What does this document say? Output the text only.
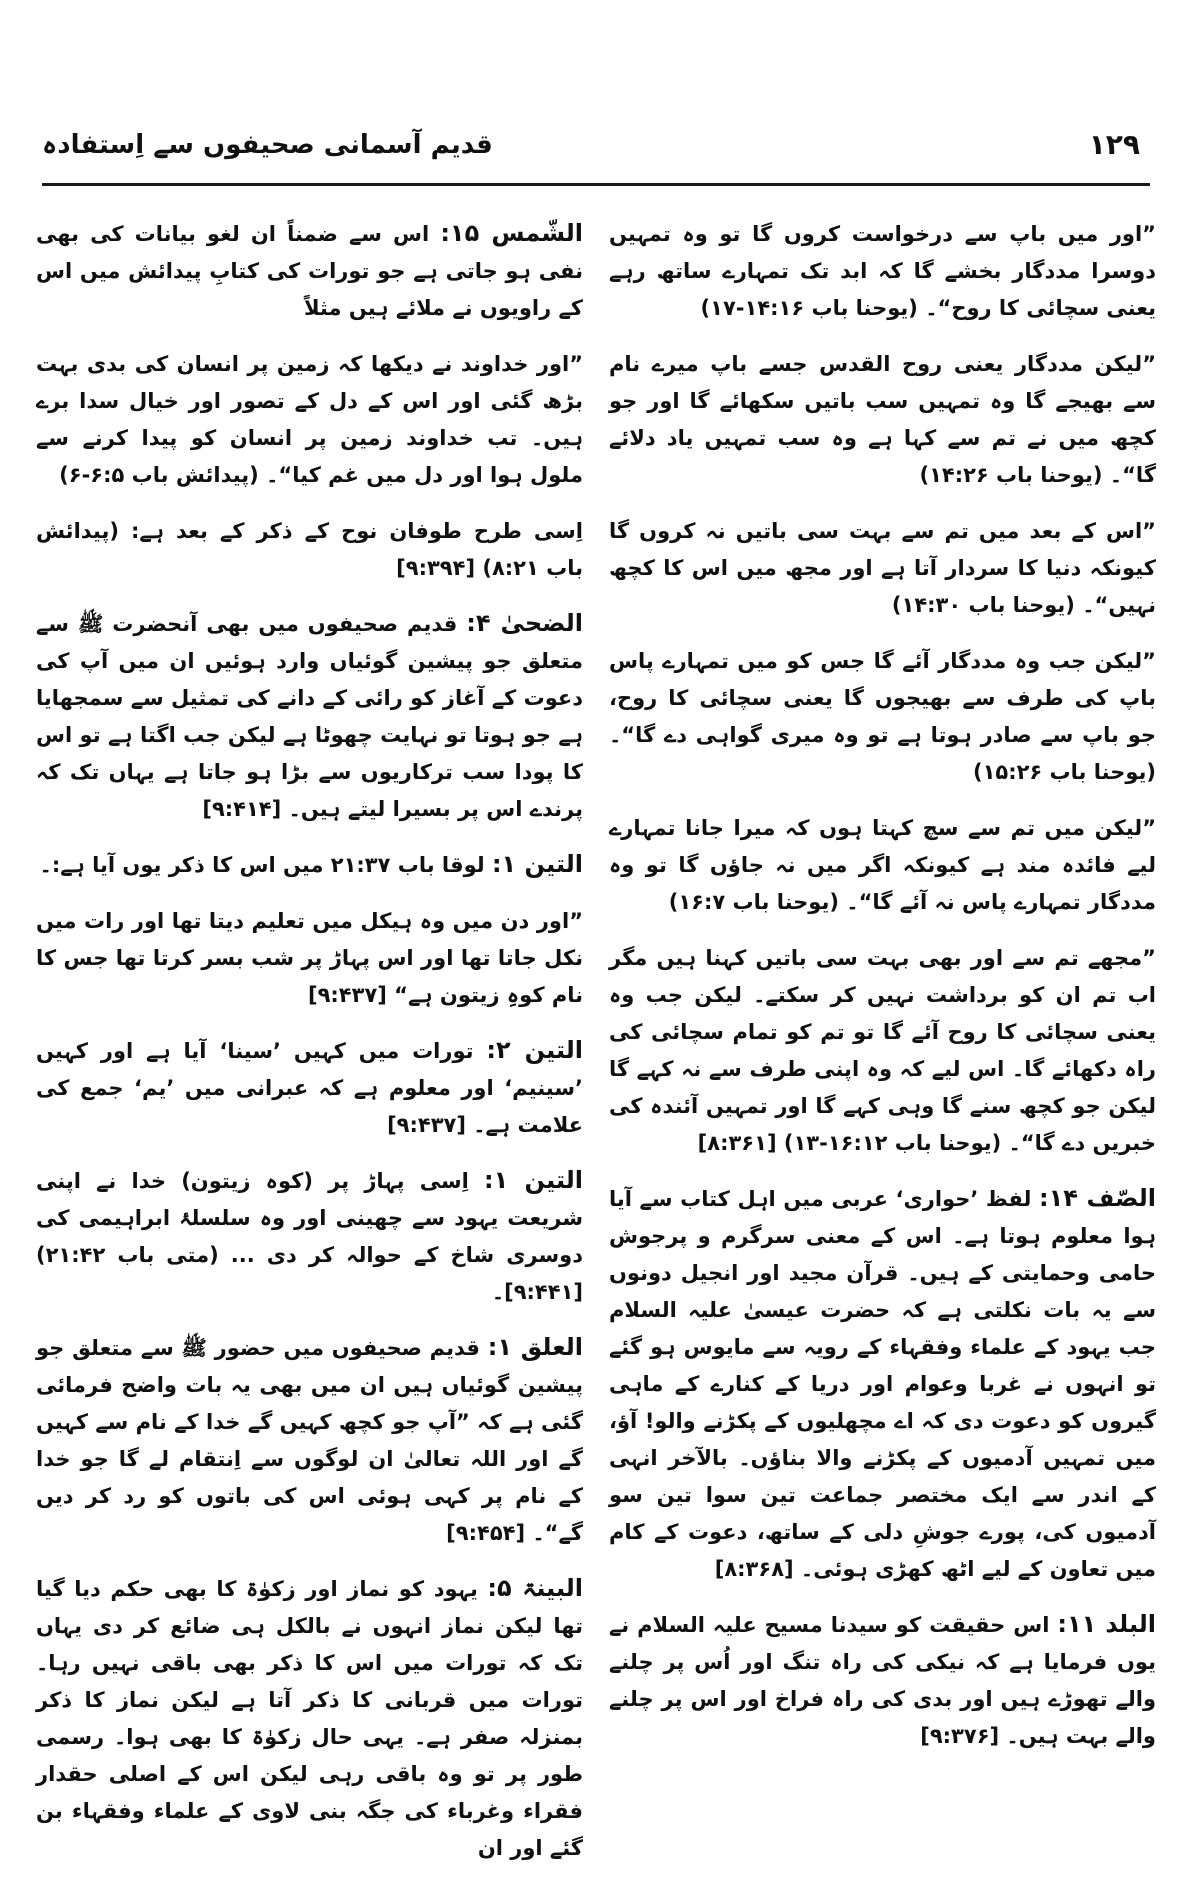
قدیم آسمانی صحیفوں سے اِستفادہ	۱۲۹

”اور میں باپ سے درخواست کروں گا تو وہ تمہیں دوسرا مددگار بخشے گا کہ ابد تک تمہارے ساتھ رہے یعنی سچائی کا روح“۔ (یوحنا باب ۱۴:۱۶-۱۷)

”لیکن مددگار یعنی روح القدس جسے باپ میرے نام سے بھیجے گا وہ تمہیں سب باتیں سکھائے گا اور جو کچھ میں نے تم سے کہا ہے وہ سب تمہیں یاد دلائے گا“۔ (یوحنا باب ۱۴:۲۶)

”اس کے بعد میں تم سے بہت سی باتیں نہ کروں گا کیونکہ دنیا کا سردار آتا ہے اور مجھ میں اس کا کچھ نہیں“۔ (یوحنا باب ۱۴:۳۰)

”لیکن جب وہ مددگار آئے گا جس کو میں تمہارے پاس باپ کی طرف سے بھیجوں گا یعنی سچائی کا روح، جو باپ سے صادر ہوتا ہے تو وہ میری گواہی دے گا“۔ (یوحنا باب ۱۵:۲۶)

”لیکن میں تم سے سچ کہتا ہوں کہ میرا جانا تمہارے لیے فائدہ مند ہے کیونکہ اگر میں نہ جاؤں گا تو وہ مددگار تمہارے پاس نہ آئے گا“۔ (یوحنا باب ۱۶:۷)

”مجھے تم سے اور بھی بہت سی باتیں کہنا ہیں مگر اب تم ان کو برداشت نہیں کر سکتے۔ لیکن جب وہ یعنی سچائی کا روح آئے گا تو تم کو تمام سچائی کی راہ دکھائے گا۔ اس لیے کہ وہ اپنی طرف سے نہ کہے گا لیکن جو کچھ سنے گا وہی کہے گا اور تمہیں آئندہ کی خبریں دے گا“۔ (یوحنا باب ۱۶:۱۲-۱۳) [۸:۳۶۱]

الصّف ۱۴: لفظ ’حواری‘ عربی میں اہل کتاب سے آیا ہوا معلوم ہوتا ہے۔ اس کے معنی سرگرم و پرجوش حامی وحمایتی کے ہیں۔ قرآن مجید اور انجیل دونوں سے یہ بات نکلتی ہے کہ حضرت عیسیٰ علیہ السلام جب یہود کے علماء وفقہاء کے رویہ سے مایوس ہو گئے تو انہوں نے غربا وعوام اور دریا کے کنارے کے ماہی گیروں کو دعوت دی کہ اے مچھلیوں کے پکڑنے والو! آؤ، میں تمہیں آدمیوں کے پکڑنے والا بناؤں۔ بالآخر انہی کے اندر سے ایک مختصر جماعت تین سوا تین سو آدمیوں کی، پورے جوشِ دلی کے ساتھ، دعوت کے کام میں تعاون کے لیے اٹھ کھڑی ہوئی۔ [۸:۳۶۸]

البلد ۱۱: اس حقیقت کو سیدنا مسیح علیہ السلام نے یوں فرمایا ہے کہ نیکی کی راہ تنگ اور اُس پر چلنے والے تھوڑے ہیں اور بدی کی راہ فراخ اور اس پر چلنے والے بہت ہیں۔ [۹:۳۷۶]

الشّمس ۱۵: اس سے ضمناً ان لغو بیانات کی بھی نفی ہو جاتی ہے جو تورات کی کتابِ پیدائش میں اس کے راویوں نے ملائے ہیں مثلاً

”اور خداوند نے دیکھا کہ زمین پر انسان کی بدی بہت بڑھ گئی اور اس کے دل کے تصور اور خیال سدا برے ہیں۔ تب خداوند زمین پر انسان کو پیدا کرنے سے ملول ہوا اور دل میں غم کیا“۔ (پیدائش باب ۶:۵-۶)

اِسی طرح طوفان نوح کے ذکر کے بعد ہے: (پیدائش باب ۸:۲۱) [۹:۳۹۴]

الضحیٰ ۴: قدیم صحیفوں میں بھی آنحضرت ﷺ سے متعلق جو پیشین گوئیاں وارد ہوئیں ان میں آپ کی دعوت کے آغاز کو رائی کے دانے کی تمثیل سے سمجھایا ہے جو ہوتا تو نہایت چھوٹا ہے لیکن جب اگتا ہے تو اس کا پودا سب ترکاریوں سے بڑا ہو جاتا ہے یہاں تک کہ پرندے اس پر بسیرا لیتے ہیں۔ [۹:۴۱۴]

التین ۱: لوقا باب ۲۱:۳۷ میں اس کا ذکر یوں آیا ہے:۔

”اور دن میں وہ ہیکل میں تعلیم دیتا تھا اور رات میں نکل جاتا تھا اور اس پہاڑ پر شب بسر کرتا تھا جس کا نام کوہِ زیتون ہے“ [۹:۴۳۷]

التین ۲: تورات میں کہیں ’سینا‘ آیا ہے اور کہیں ’سینیم‘ اور معلوم ہے کہ عبرانی میں ’یم‘ جمع کی علامت ہے۔ [۹:۴۳۷]

التین ۱: اِسی پہاڑ پر (کوہ زیتون) خدا نے اپنی شریعت یہود سے چھینی اور وہ سلسلۂ ابراہیمی کی دوسری شاخ کے حوالہ کر دی ... (متی باب ۲۱:۴۲) [۹:۴۴۱]۔

العلق ۱: قدیم صحیفوں میں حضور ﷺ سے متعلق جو پیشین گوئیاں ہیں ان میں بھی یہ بات واضح فرمائی گئی ہے کہ ”آپ جو کچھ کہیں گے خدا کے نام سے کہیں گے اور اللہ تعالیٰ ان لوگوں سے اِنتقام لے گا جو خدا کے نام پر کہی ہوئی اس کی باتوں کو رد کر دیں گے“۔ [۹:۴۵۴]

البینۃ ۵: یہود کو نماز اور زکوٰۃ کا بھی حکم دیا گیا تھا لیکن نماز انہوں نے بالکل ہی ضائع کر دی یہاں تک کہ تورات میں اس کا ذکر بھی باقی نہیں رہا۔ تورات میں قربانی کا ذکر آتا ہے لیکن نماز کا ذکر بمنزلہ صفر ہے۔ یہی حال زکوٰۃ کا بھی ہوا۔ رسمی طور پر تو وہ باقی رہی لیکن اس کے اصلی حقدار فقراء وغرباء کی جگہ بنی لاوی کے علماء وفقہاء بن گئے اور ان
